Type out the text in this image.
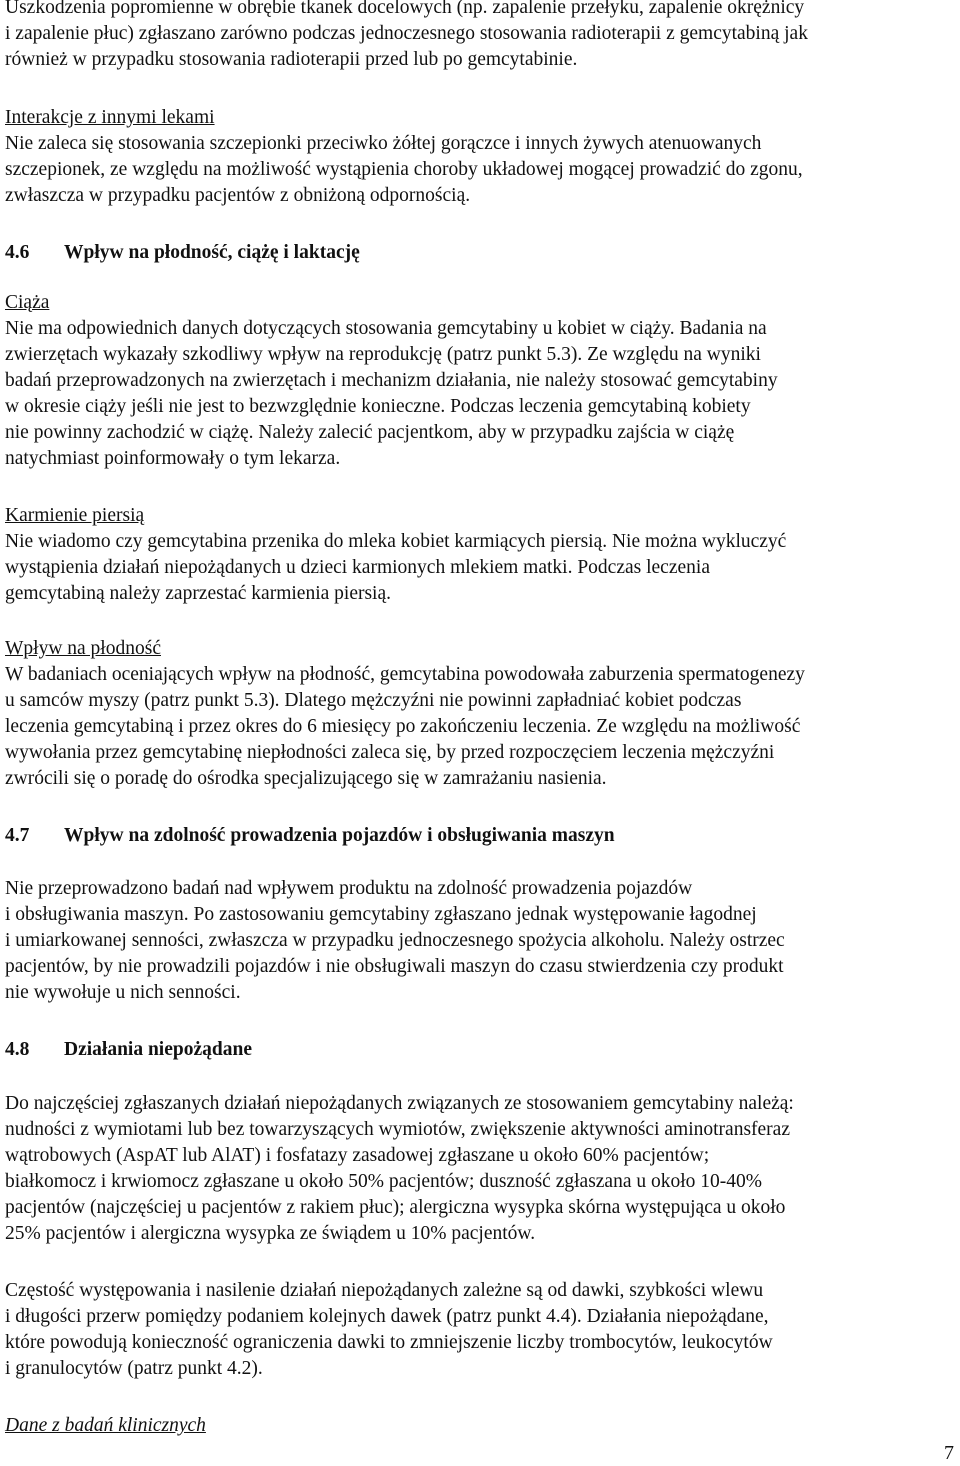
Uszkodzenia popromienne w obrębie tkanek docelowych (np. zapalenie przełyku, zapalenie okrężnicy
i zapalenie płuc) zgłaszano zarówno podczas jednoczesnego stosowania radioterapii z gemcytabiną jak
również w przypadku stosowania radioterapii przed lub po gemcytabinie.
Interakcje z innymi lekami
Nie zaleca się stosowania szczepionki przeciwko żółtej gorączce i innych żywych atenuowanych
szczepionek, ze względu na możliwość wystąpienia choroby układowej mogącej prowadzić do zgonu,
zwłaszcza w przypadku pacjentów z obniżoną odpornością.
4.6 Wpływ na płodność, ciążę i laktację
Ciąża
Nie ma odpowiednich danych dotyczących stosowania gemcytabiny u kobiet w ciąży. Badania na
zwierzętach wykazały szkodliwy wpływ na reprodukcję (patrz punkt 5.3). Ze względu na wyniki
badań przeprowadzonych na zwierzętach i mechanizm działania, nie należy stosować gemcytabiny
w okresie ciąży jeśli nie jest to bezwzględnie konieczne. Podczas leczenia gemcytabiną kobiety
nie powinny zachodzić w ciążę. Należy zalecić pacjentkom, aby w przypadku zajścia w ciążę
natychmiast poinformowały o tym lekarza.
Karmienie piersią
Nie wiadomo czy gemcytabina przenika do mleka kobiet karmiących piersią. Nie można wykluczyć
wystąpienia działań niepożądanych u dzieci karmionych mlekiem matki. Podczas leczenia
gemcytabiną należy zaprzestać karmienia piersią.
Wpływ na płodność
W badaniach oceniających wpływ na płodność, gemcytabina powodowała zaburzenia spermatogenezy
u samców myszy (patrz punkt 5.3). Dlatego mężczyźni nie powinni zapładniać kobiet podczas
leczenia gemcytabiną i przez okres do 6 miesięcy po zakończeniu leczenia. Ze względu na możliwość
wywołania przez gemcytabinę niepłodności zaleca się, by przed rozpoczęciem leczenia mężczyźni
zwrócili się o poradę do ośrodka specjalizującego się w zamrażaniu nasienia.
4.7 Wpływ na zdolność prowadzenia pojazdów i obsługiwania maszyn
Nie przeprowadzono badań nad wpływem produktu na zdolność prowadzenia pojazdów
i obsługiwania maszyn. Po zastosowaniu gemcytabiny zgłaszano jednak występowanie łagodnej
i umiarkowanej senności, zwłaszcza w przypadku jednoczesnego spożycia alkoholu. Należy ostrzec
pacjentów, by nie prowadzili pojazdów i nie obsługiwali maszyn do czasu stwierdzenia czy produkt
nie wywołuje u nich senności.
4.8 Działania niepożądane
Do najczęściej zgłaszanych działań niepożądanych związanych ze stosowaniem gemcytabiny należą:
nudności z wymiotami lub bez towarzyszących wymiotów, zwiększenie aktywności aminotransferaz
wątrobowych (AspAT lub AlAT) i fosfatazy zasadowej zgłaszane u około 60% pacjentów;
białkomocz i krwiomocz zgłaszane u około 50% pacjentów; duszność zgłaszana u około 10-40%
pacjentów (najczęściej u pacjentów z rakiem płuc); alergiczna wysypka skórna występująca u około
25% pacjentów i alergiczna wysypka ze świądem u 10% pacjentów.
Częstość występowania i nasilenie działań niepożądanych zależne są od dawki, szybkości wlewu
i długości przerw pomiędzy podaniem kolejnych dawek (patrz punkt 4.4). Działania niepożądane,
które powodują konieczność ograniczenia dawki to zmniejszenie liczby trombocytów, leukocytów
i granulocytów (patrz punkt 4.2).
Dane z badań klinicznych
7
